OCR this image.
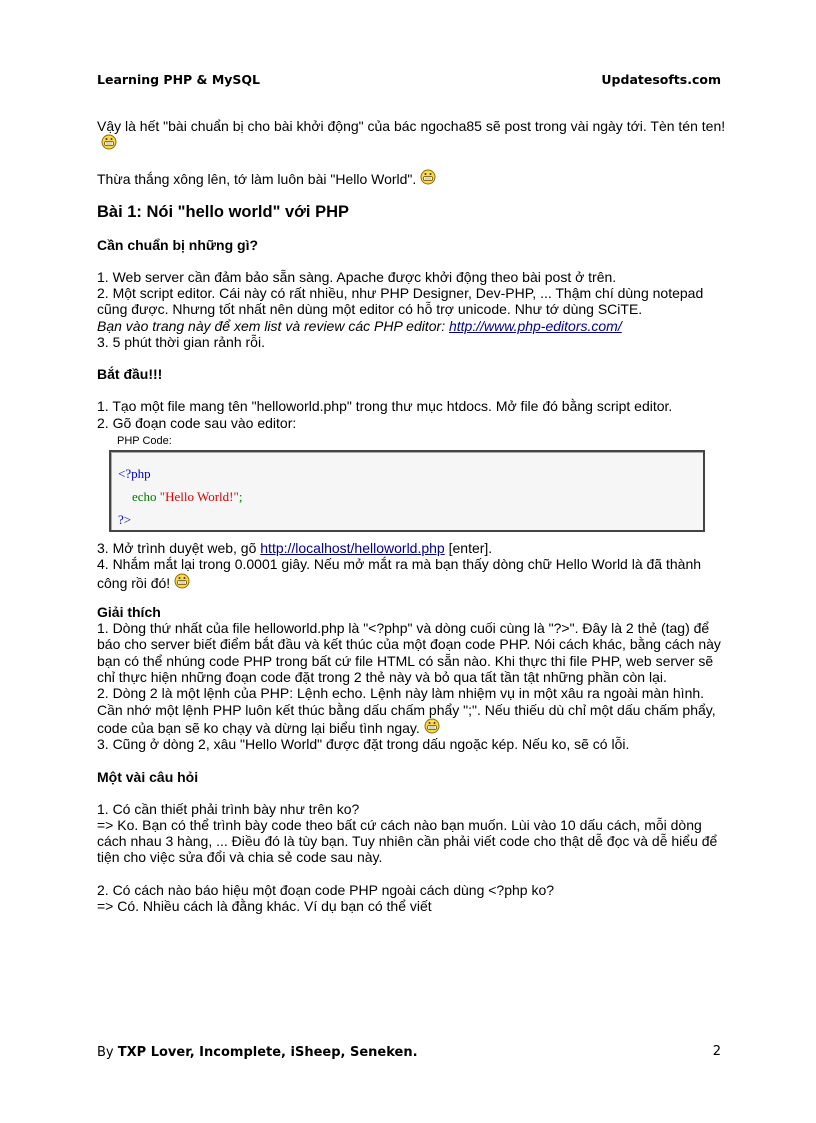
Learning PHP & MySQL	Updatesofts.com

Vậy là hết "bài chuẩn bị cho bài khởi động" của bác ngocha85 sẽ post trong vài ngày tới. Tèn tén ten!

Thừa thắng xông lên, tớ làm luôn bài "Hello World".

Bài 1: Nói "hello world" với PHP
Cần chuẩn bị những gì?

1. Web server cần đảm bảo sẵn sàng. Apache được khởi động theo bài post ở trên.

2. Một script editor. Cái này có rất nhiều, như PHP Designer, Dev-PHP, ... Thậm chí dùng notepad cũng được. Nhưng tốt nhất nên dùng một editor có hỗ trợ unicode. Như tớ dùng SCiTE.

Bạn vào trang này để xem list và review các PHP editor: http://www.php-editors.com/

3. 5 phút thời gian rảnh rỗi.

Bắt đầu!!!

1. Tạo một file mang tên "helloworld.php" trong thư mục htdocs. Mở file đó bằng script editor.

2. Gõ đoạn code sau vào editor:

PHP Code:
<?php
echo "Hello World!";
?>

3. Mở trình duyệt web, gõ http://localhost/helloworld.php [enter].

4. Nhắm mắt lại trong 0.0001 giây. Nếu mở mắt ra mà bạn thấy dòng chữ Hello World là đã thành công rồi đó!

Giải thích

1. Dòng thứ nhất của file helloworld.php là "<?php" và dòng cuối cùng là "?>". Đây là 2 thẻ (tag) để báo cho server biết điểm bắt đầu và kết thúc của một đoạn code PHP. Nói cách khác, bằng cách này bạn có thể nhúng code PHP trong bất cứ file HTML có sẵn nào. Khi thực thi file PHP, web server sẽ chỉ thực hiện những đoạn code đặt trong 2 thẻ này và bỏ qua tất tần tật những phần còn lại.

2. Dòng 2 là một lệnh của PHP: Lệnh echo. Lệnh này làm nhiệm vụ in một xâu ra ngoài màn hình. Cần nhớ một lệnh PHP luôn kết thúc bằng dấu chấm phẩy ";". Nếu thiếu dù chỉ một dấu chấm phẩy, code của bạn sẽ ko chạy và dừng lại biểu tình ngay.

3. Cũng ở dòng 2, xâu "Hello World" được đặt trong dấu ngoặc kép. Nếu ko, sẽ có lỗi.

Một vài câu hỏi

1. Có cần thiết phải trình bày như trên ko?

=> Ko. Bạn có thể trình bày code theo bất cứ cách nào bạn muốn. Lùi vào 10 dấu cách, mỗi dòng cách nhau 3 hàng, ... Điều đó là tùy bạn. Tuy nhiên cần phải viết code cho thật dễ đọc và dễ hiểu để tiện cho việc sửa đổi và chia sẻ code sau này.

2. Có cách nào báo hiệu một đoạn code PHP ngoài cách dùng <?php ko?

=> Có. Nhiều cách là đằng khác. Ví dụ bạn có thể viết

By TXP Lover, Incomplete, iSheep, Seneken.	2
